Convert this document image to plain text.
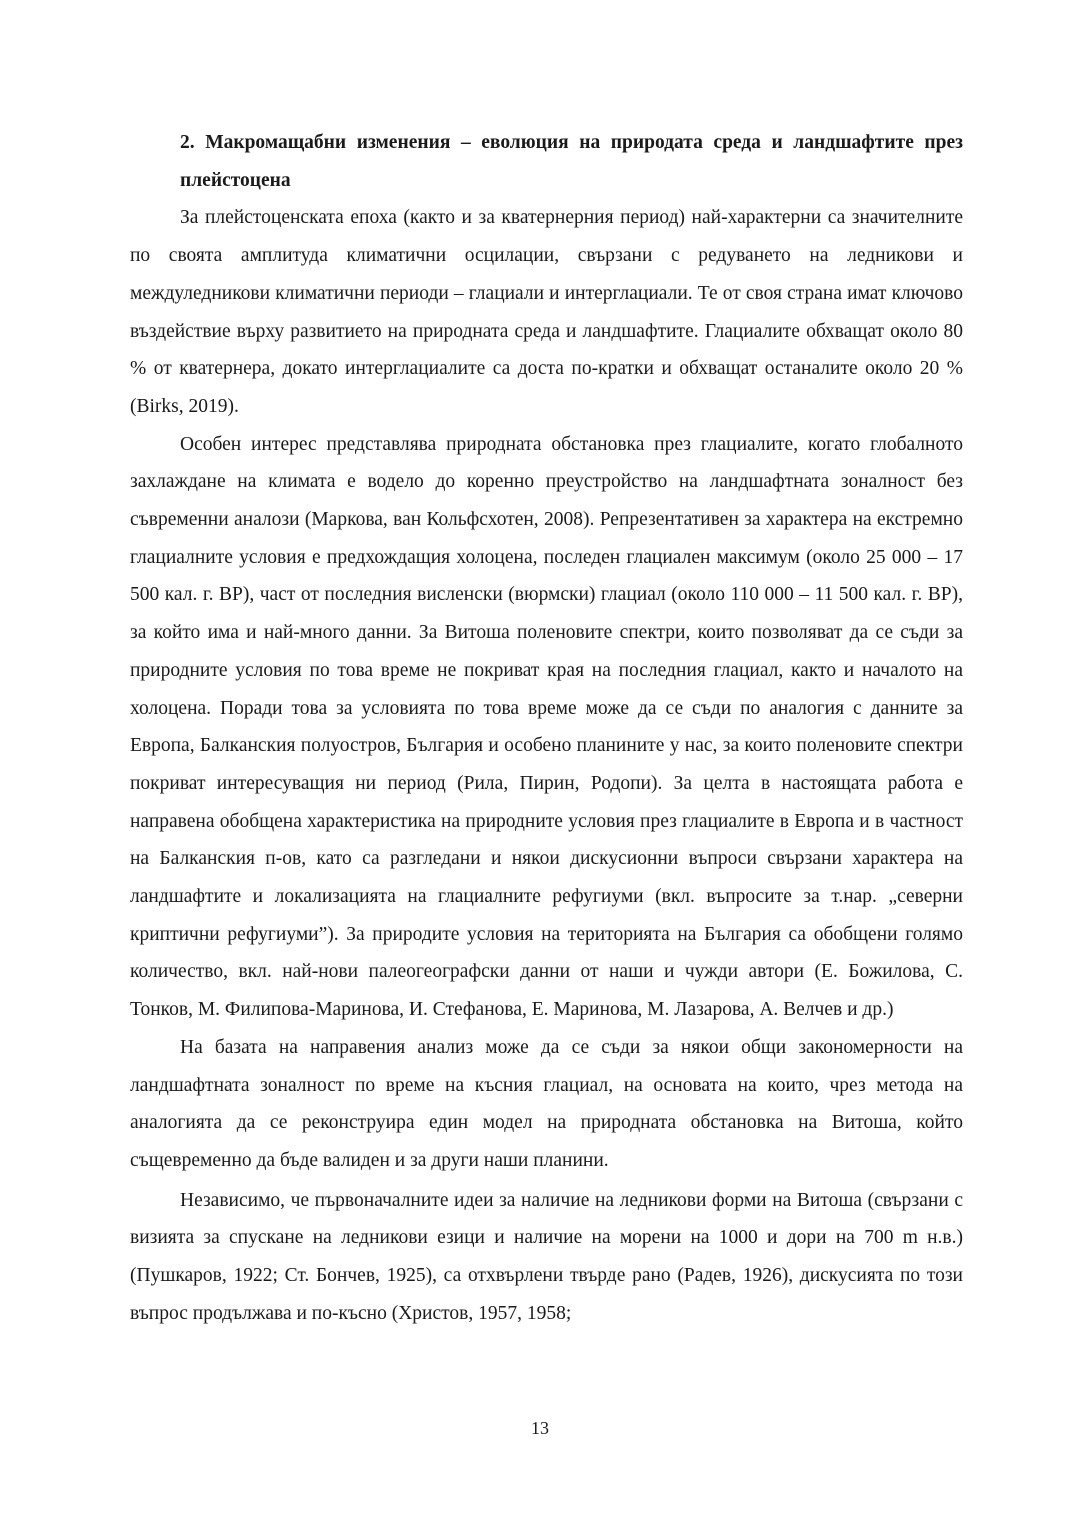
2. Макромащабни изменения – еволюция на природата среда и ландшафтите през плейстоцена

За плейстоценската епоха (както и за кватернерния период) най-характерни са значителните по своята амплитуда климатични осцилации, свързани с редуването на ледникови и междуледникови климатични периоди – глациали и интерглациали. Те от своя страна имат ключово въздействие върху развитието на природната среда и ландшафтите. Глациалите обхващат около 80 % от кватернера, докато интерглациалите са доста по-кратки и обхващат останалите около 20 % (Birks, 2019).

Особен интерес представлява природната обстановка през глациалите, когато глобалното захлаждане на климата е водело до коренно преустройство на ландшафтната зоналност без съвременни аналози (Маркова, ван Кольфсхотен, 2008). Репрезентативен за характера на екстремно глациалните условия е предхождащия холоцена, последен глациален максимум (около 25 000 – 17 500 кал. г. BP), част от последния висленски (вюрмски) глациал (около 110 000 – 11 500 кал. г. BP), за който има и най-много данни. За Витоша поленовите спектри, които позволяват да се съди за природните условия по това време не покриват края на последния глациал, както и началото на холоцена. Поради това за условията по това време може да се съди по аналогия с данните за Европа, Балканския полуостров, България и особено планините у нас, за които поленовите спектри покриват интересуващия ни период (Рила, Пирин, Родопи). За целта в настоящата работа е направена обобщена характеристика на природните условия през глациалите в Европа и в частност на Балканския п-ов, като са разгледани и някои дискусионни въпроси свързани характера на ландшафтите и локализацията на глациалните рефугиуми (вкл. въпросите за т.нар. „северни криптични рефугиуми”). За природите условия на територията на България са обобщени голямо количество, вкл. най-нови палеогеографски данни от наши и чужди автори (Е. Божилова, С. Тонков, М. Филипова-Маринова, И. Стефанова, Е. Маринова, М. Лазарова, А. Велчев и др.)

На базата на направения анализ може да се съди за някои общи закономерности на ландшафтната зоналност по време на късния глациал, на основата на които, чрез метода на аналогията да се реконструира един модел на природната обстановка на Витоша, който същевременно да бъде валиден и за други наши планини.

Независимо, че първоначалните идеи за наличие на ледникови форми на Витоша (свързани с визията за спускане на ледникови езици и наличие на морени на 1000 и дори на 700 m н.в.) (Пушкаров, 1922; Ст. Бончев, 1925), са отхвърлени твърде рано (Радев, 1926), дискусията по този въпрос продължава и по-късно (Христов, 1957, 1958;

13
